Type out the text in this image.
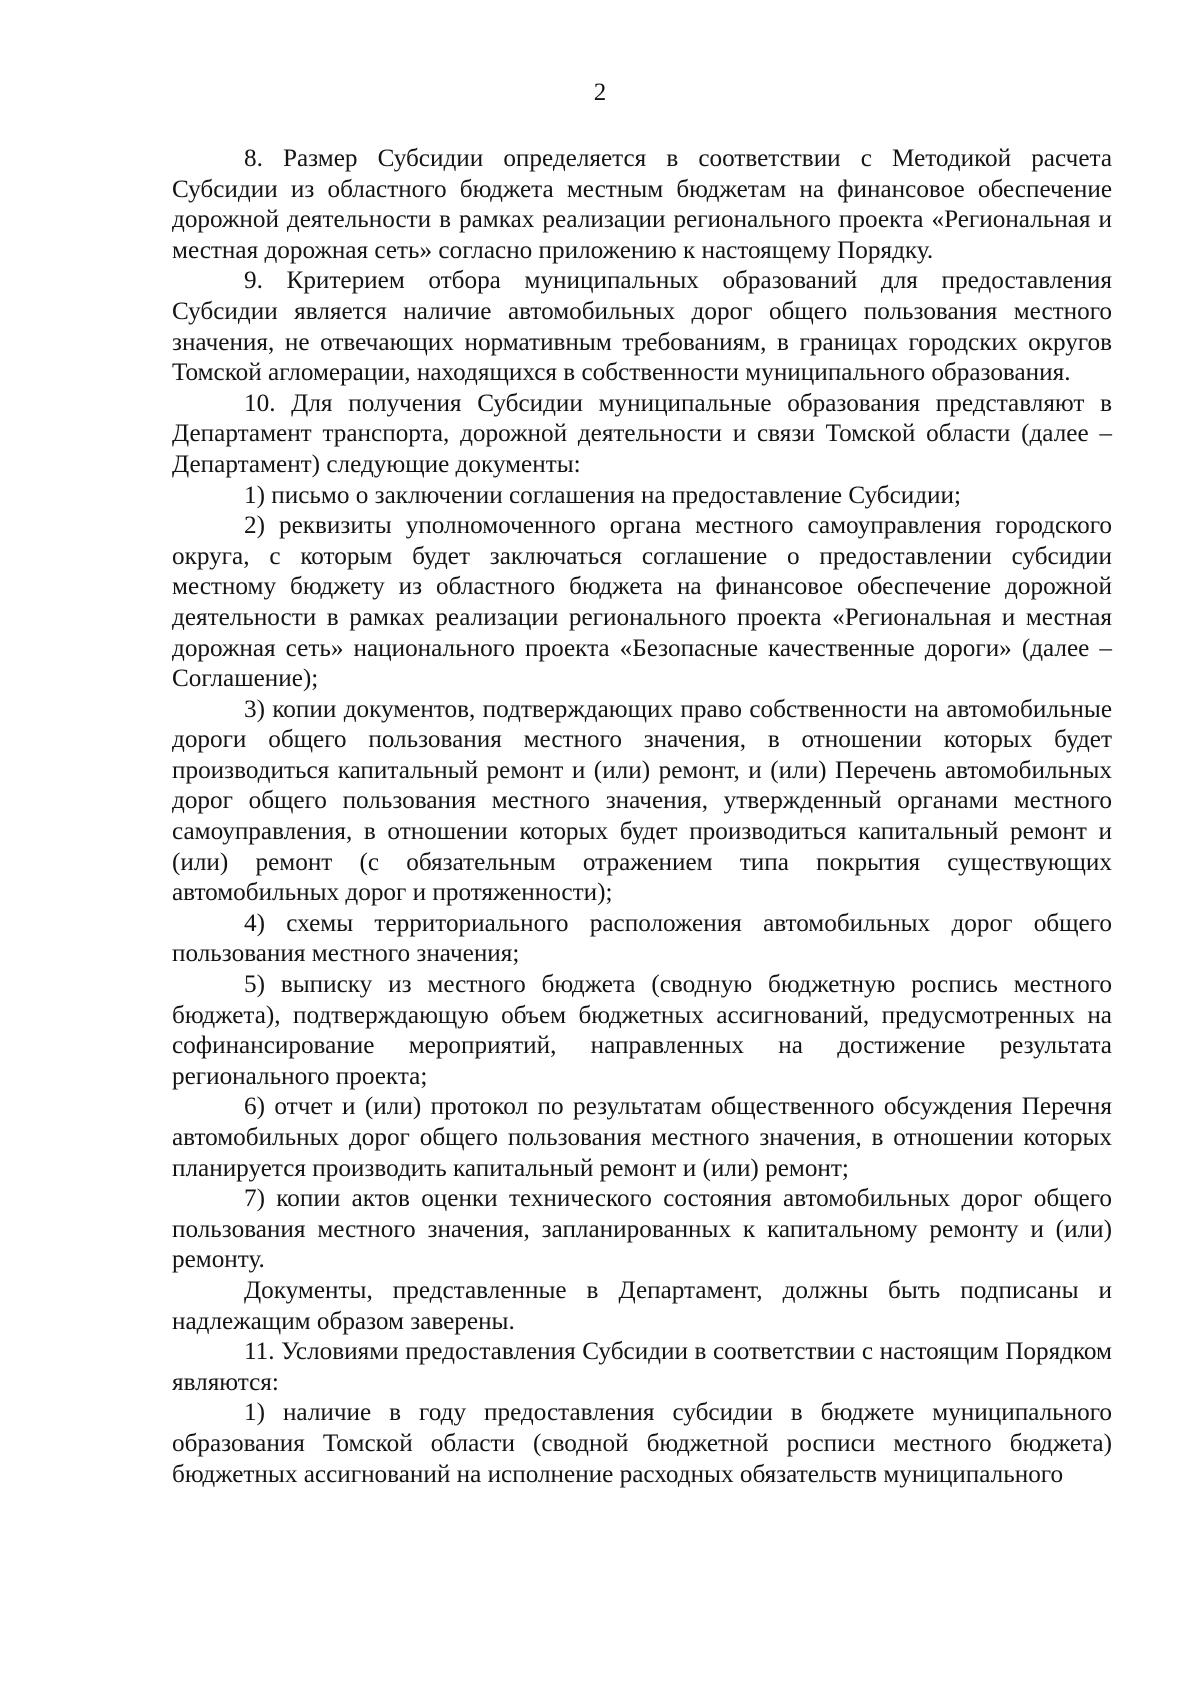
2

8. Размер Субсидии определяется в соответствии с Методикой расчета Субсидии из областного бюджета местным бюджетам на финансовое обеспечение дорожной деятельности в рамках реализации регионального проекта «Региональная и местная дорожная сеть» согласно приложению к настоящему Порядку.

9. Критерием отбора муниципальных образований для предоставления Субсидии является наличие автомобильных дорог общего пользования местного значения, не отвечающих нормативным требованиям, в границах городских округов Томской агломерации, находящихся в собственности муниципального образования.

10. Для получения Субсидии муниципальные образования представляют в Департамент транспорта, дорожной деятельности и связи Томской области (далее – Департамент) следующие документы:

1) письмо о заключении соглашения на предоставление Субсидии;

2) реквизиты уполномоченного органа местного самоуправления городского округа, с которым будет заключаться соглашение о предоставлении субсидии местному бюджету из областного бюджета на финансовое обеспечение дорожной деятельности в рамках реализации регионального проекта «Региональная и местная дорожная сеть» национального проекта «Безопасные качественные дороги» (далее – Соглашение);

3) копии документов, подтверждающих право собственности на автомобильные дороги общего пользования местного значения, в отношении которых будет производиться капитальный ремонт и (или) ремонт, и (или) Перечень автомобильных дорог общего пользования местного значения, утвержденный органами местного самоуправления, в отношении которых будет производиться капитальный ремонт и (или) ремонт (с обязательным отражением типа покрытия существующих автомобильных дорог и протяженности);

4) схемы территориального расположения автомобильных дорог общего пользования местного значения;

5) выписку из местного бюджета (сводную бюджетную роспись местного бюджета), подтверждающую объем бюджетных ассигнований, предусмотренных на софинансирование мероприятий, направленных на достижение результата регионального проекта;

6) отчет и (или) протокол по результатам общественного обсуждения Перечня автомобильных дорог общего пользования местного значения, в отношении которых планируется производить капитальный ремонт и (или) ремонт;

7) копии актов оценки технического состояния автомобильных дорог общего пользования местного значения, запланированных к капитальному ремонту и (или) ремонту.

Документы, представленные в Департамент, должны быть подписаны и надлежащим образом заверены.

11. Условиями предоставления Субсидии в соответствии с настоящим Порядком являются:

1) наличие в году предоставления субсидии в бюджете муниципального образования Томской области (сводной бюджетной росписи местного бюджета) бюджетных ассигнований на исполнение расходных обязательств муниципального
